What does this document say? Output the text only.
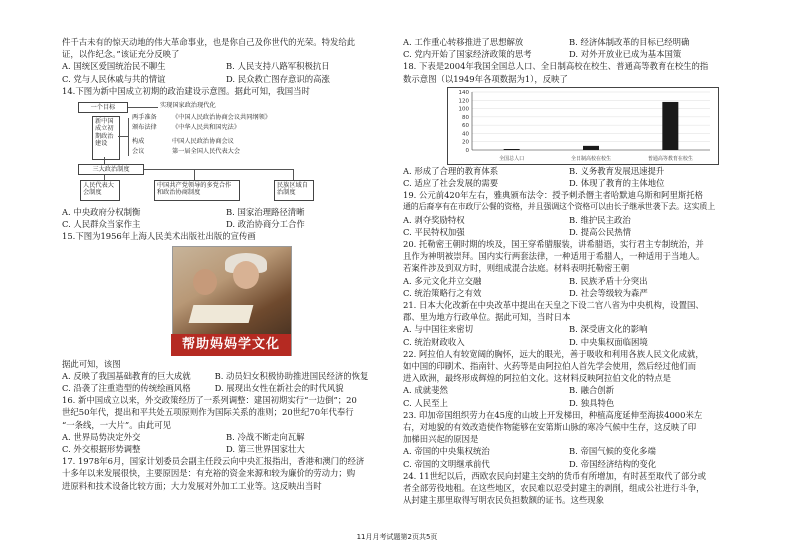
件千古未有的惊天动地的伟大革命事业，也是你自己及你世代的光荣。特发给此

证，以作纪念。”该证充分反映了

A. 国统区爱国统治民不聊生	B. 人民支持八路军积极抗日
C. 党与人民休戚与共的情谊	D. 民众救亡图存意识的高涨

14.下图为新中国成立初期的政治建设示意图。据此可知，我国当时

一个目标	实现国家政治现代化
新中国成立初期政治建设
两手准备
颁布法律
构成
会议
《中国人民政治协商会议共同纲领》
《中华人民共和国宪法》
中国人民政治协商会议
第一届全国人民代表大会
三大政治制度
人民代表大会制度
中国共产党领导的多党合作和政治协商制度
民族区域自治制度
A. 中央政府分权制衡	B. 国家治理路径清晰
C. 人民群众当家作主	D. 政治协商分工合作

15.下图为1956年上海人民美术出版社出版的宣传画

帮助妈妈学文化

据此可知，该图

A. 反映了我国基础教育的巨大成就	B. 动员妇女积极协助推进国民经济的恢复
C. 沿袭了注重造型的传统绘画风格	D. 展现出女性在新社会的时代风貌

16. 新中国成立以来，外交政策经历了一系列调整：建国初期实行“一边倒”；20

世纪50年代，提出和平共处五项原则作为国际关系的准则；20世纪70年代奉行

“一条线，一大片”。由此可见

A. 世界局势决定外交	B. 冷战不断走向瓦解
C. 外交根据形势调整	D. 第三世界国家壮大

17. 1978年6月，国家计划委员会副主任段云向中央汇报指出，香港和澳门的经济

十多年以来发展很快，主要原因是：有充裕的资金来源和较为廉价的劳动力；购

进原料和技术设备比较方面；大力发展对外加工工业等。这反映出当时

A. 工作重心转移推进了思想解放	B. 经济体制改革的目标已经明确
C. 党内开始了国家经济政策的思考	D. 对外开放业已成为基本国策

18. 下表是2004年我国全国总人口、全日制高校在校生、普通高等教育在校生的指

数示意图（以1949年各项数据为1），反映了

140
120
100
80
60
40
20
0
全国总人口	全日制高校在校生	普通高等教育在校生
A. 形成了合理的教育体系	B. 义务教育发展迅速提升
C. 适应了社会发展的需要	D. 体现了教育的主体地位

19. 公元前420年左右，雅典颁布法令：授予刺杀僭主者哈默迪乌斯和阿里斯托格

通的后裔享有在市政厅公餐的资格，并且强调这个资格可以由长子继承世袭下去。这实质上

A. 剥夺奖励特权	B. 维护民主政治
C. 平民特权加强	D. 提高公民热情

20. 托勒密王朝时期的埃及，国王穿希腊服装，讲希腊语，实行君主专制统治，并

且作为神明被崇拜。国内实行两套法律，一种适用于希腊人，一种适用于当地人。

若案件涉及到双方时，则组成混合法庭。材料表明托勒密王朝

A. 多元文化并立交融	B. 民族矛盾十分突出
C. 统治策略行之有效	D. 社会等级较为森严

21. 日本大化改新在中央改革中提出在天皇之下设二官八省为中央机构，设置国、

郡、里为地方行政单位。据此可知，当时日本

A. 与中国往来密切	B. 深受唐文化的影响
C. 统治财政收入	D. 中央集权面临困境

22. 阿拉伯人有较宽阔的胸怀，远大的眼光，善于吸收和利用各族人民文化成就，

如中国的印刷术、指南针、火药等是由阿拉伯人首先学会使用，然后经过他们而

进入欧洲，最终形成辉煌的阿拉伯文化。这材料反映阿拉伯文化的特点是

A. 成就斐然	B. 融合创新
C. 人民至上	D. 独具特色

23. 印加帝国组织劳力在45度的山坡上开发梯田，种植高度延伸至海拔4000米左

右，对地貌的有效改造使作物能够在安第斯山脉的寒冷气候中生存，这反映了印

加梯田兴起的原因是

A. 帝国的中央集权统治	B. 帝国气候的变化多端
C. 帝国的文明继承前代	D. 帝国经济结构的变化

24. 11世纪以后，西欧农民向封建主交纳的货币有所增加，有时甚至取代了部分或

者全部劳役地租。在这些地区，农民难以忍受封建主的剥削，组成公社进行斗争，

从封建主那里取得写明农民负担数额的证书。这些现象

11月月考试题第2页共5页
